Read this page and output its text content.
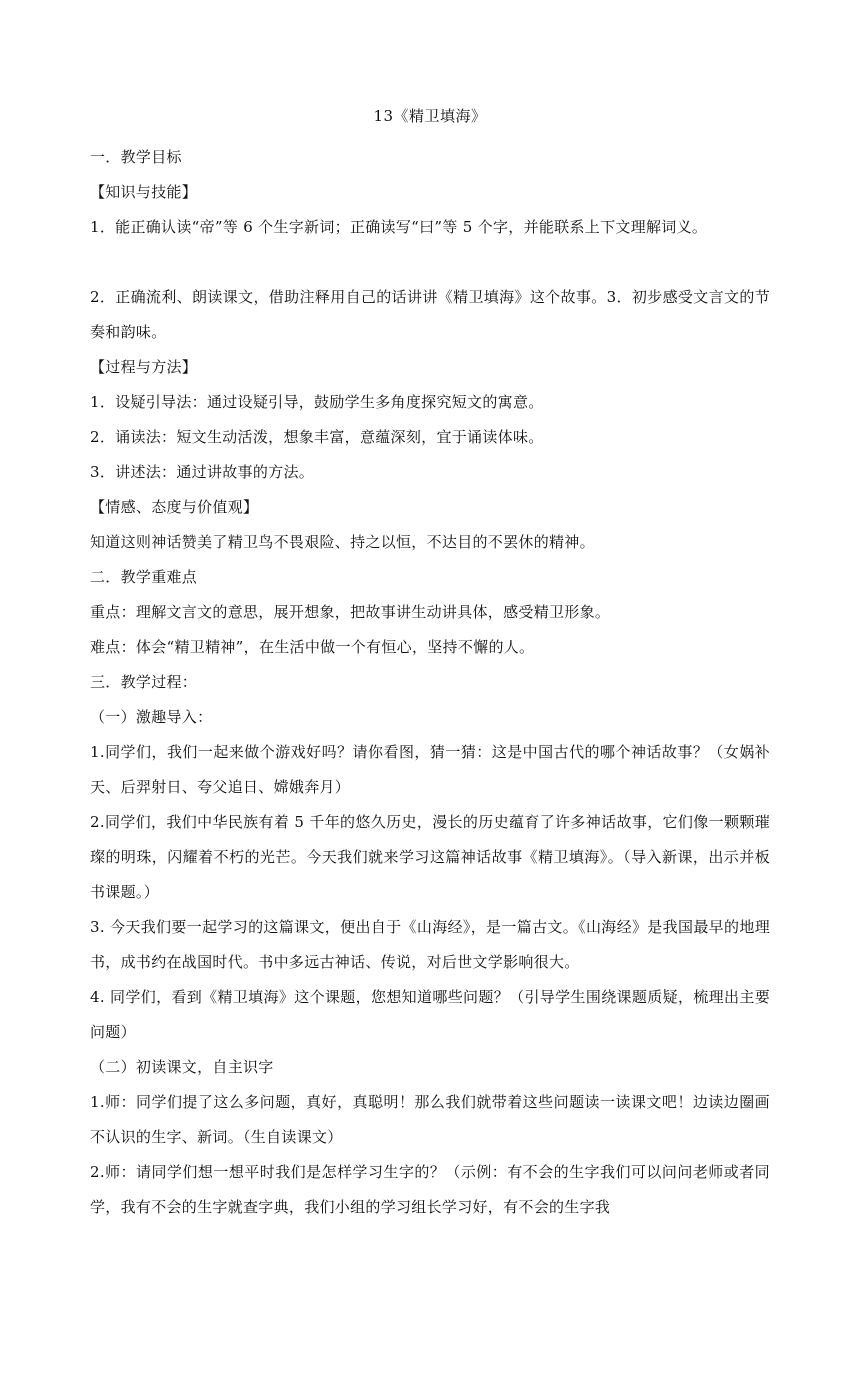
13《精卫填海》
一．教学目标
【知识与技能】
1．能正确认读“帝”等 6 个生字新词；正确读写“曰”等 5 个字，并能联系上下文理解词义。
2．正确流利、朗读课文，借助注释用自己的话讲讲《精卫填海》这个故事。3．初步感受文言文的节奏和韵味。
【过程与方法】
1．设疑引导法：通过设疑引导，鼓励学生多角度探究短文的寓意。
2．诵读法：短文生动活泼，想象丰富，意蕴深刻，宜于诵读体味。
3．讲述法：通过讲故事的方法。
【情感、态度与价值观】
知道这则神话赞美了精卫鸟不畏艰险、持之以恒，不达目的不罢休的精神。
二．教学重难点
重点：理解文言文的意思，展开想象，把故事讲生动讲具体，感受精卫形象。
难点：体会“精卫精神”，在生活中做一个有恒心，坚持不懈的人。
三．教学过程：
（一）激趣导入：
1.同学们，我们一起来做个游戏好吗？请你看图，猜一猜：这是中国古代的哪个神话故事？（女娲补天、后羿射日、夸父追日、嫦娥奔月）
2.同学们，我们中华民族有着 5 千年的悠久历史，漫长的历史蕴育了许多神话故事，它们像一颗颗璀璨的明珠，闪耀着不朽的光芒。今天我们就来学习这篇神话故事《精卫填海》。（导入新课，出示并板书课题。）
3. 今天我们要一起学习的这篇课文，便出自于《山海经》，是一篇古文。《山海经》是我国最早的地理书，成书约在战国时代。书中多远古神话、传说，对后世文学影响很大。
4. 同学们，看到《精卫填海》这个课题，您想知道哪些问题？（引导学生围绕课题质疑，梳理出主要问题）
（二）初读课文，自主识字
1.师：同学们提了这么多问题，真好，真聪明！那么我们就带着这些问题读一读课文吧！边读边圈画不认识的生字、新词。（生自读课文）
2.师：请同学们想一想平时我们是怎样学习生字的？（示例：有不会的生字我们可以问问老师或者同学，我有不会的生字就查字典，我们小组的学习组长学习好，有不会的生字我
